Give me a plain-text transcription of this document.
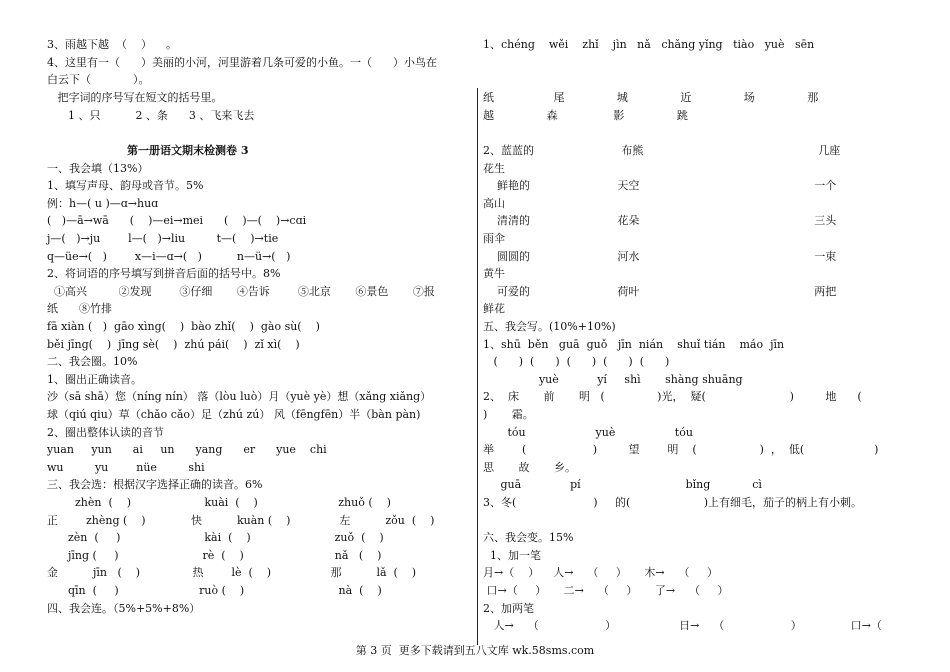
3、雨越下越  （    ）    。
4、这里有一（      ）美丽的小河，河里游着几条可爱的小鱼。一（      ）小鸟在
白云下（            ）。
把字词的序号写在短文的括号里。
1 、只          2 、条      3 、飞来飞去
第一册语文期末检测卷 3
一、我会填（13%）
1、填写声母、韵母或音节。5%
例：h—( u )—ɑ→huɑ
(   )—ā→wā      (    )—ei→mei      (    )—(    )→cɑi
j—(   )→ju        l—(   )→liu         t—(    )→tie
q—üe→(   )        x—i—ɑ→(   )          n—ü→(   )
2、将词语的序号填写到拼音后面的括号中。8%
①高兴         ②发现        ③仔细       ④告诉        ⑤北京       ⑥景色       ⑦报
纸      ⑧竹排
fā xiàn (   )  gāo xìng(    )  bào zhǐ(    )  gào sù(    )
běi jīng(    )  jīng sè(    )  zhú pái(    )  zǐ xì(    )
二、我会圈。10%
1、圈出正确读音。
沙（sā shā）您（níng nín） 落（lòu luò）月（yuè yè）想（xǎng xiǎng）
球（qiú qiu）草（chǎo cǎo）足（zhú zú） 风（fēngfēn）半（bàn pàn)
2、圈出整体认读的音节
yuan     yun      ai     un      yang      er      yue    chi
wu         yu        nüe         shi
三、我会选：根据汉字选择正确的读音。6%
zhèn  (    )                     kuài  (    )                       zhuǒ (    )
正        zhèng (    )             快          kuàn (    )              左          zǒu  (    )
zèn  (     )                        kài  (    )                        zuǒ  (    )
jīng (     )                        rè  (    )                          nǎ   (    )
金          jīn   (    )               热        lè  (    )                 那          lǎ  (    )
qīn  (     )                       ruò (    )                           nà  (    )
四、我会连。（5%+5%+8%）
1、chéng    wěi    zhǐ    jìn   nǎ   chǎng yǐng   tiào   yuè   sēn
纸                 尾               城               近               场               那
越               森                影               跳
2、蓝蓝的                         布熊                                                  几座
花生
鲜艳的                         天空                                                  一个
高山
清清的                         花朵                                                  三头
雨伞
圆圆的                         河水                                                  一束
黄牛
可爱的                         荷叶                                                  两把
鲜花
五、我会写。(10%+10%)
1、shū  běn   guā  guǒ   jīn  nián    shuǐ tián    máo  jīn
(      )  (      )  (      )  (      )  (      )
yuè           yí     shì       shàng shuāng
2、  床       前       明   (               )光，  疑(                        )         地      (
)       霜。
tóu                    yuè                 tóu
举        (                   )         望        明    (                  )  ，  低(                    )
思       故       乡。
guā              pí                              bǐng            cì
3、冬(                      )     的(                     )上有细毛，茄子的柄上有小刺。
六、我会变。15%
1、加一笔
月→（    ）    人→    （     ）     木→    （     ）
口→（     ）     二→    （     ）     了→    （     ）
2、加两笔
人→    （                   ）                  日→    （                   ）              口→（
第 3 页  更多下载请到五八文库 wk.58sms.com
